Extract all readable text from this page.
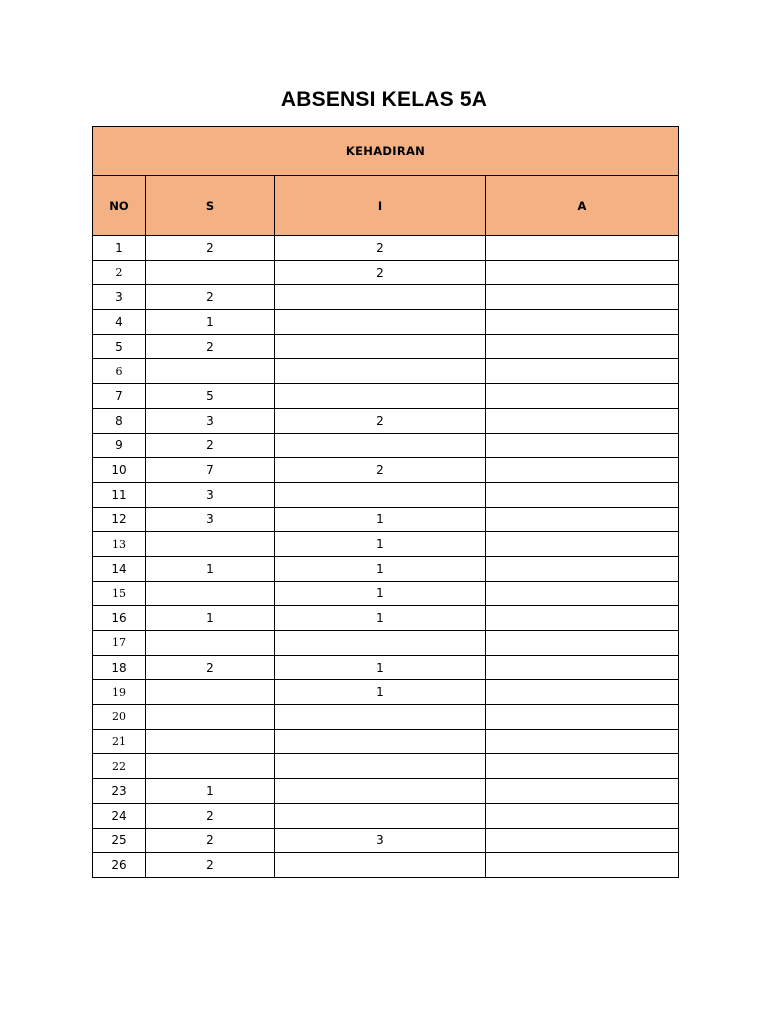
ABSENSI KELAS 5A
KEHADIRAN			
NO	S	I	A
1	2	2	
2		2	
3	2		
4	1		
5	2		
6			
7	5		
8	3	2	
9	2		
10	7	2	
11	3		
12	3	1	
13		1	
14	1	1	
15		1	
16	1	1	
17			
18	2	1	
19		1	
20			
21			
22			
23	1		
24	2		
25	2	3	
26	2		
